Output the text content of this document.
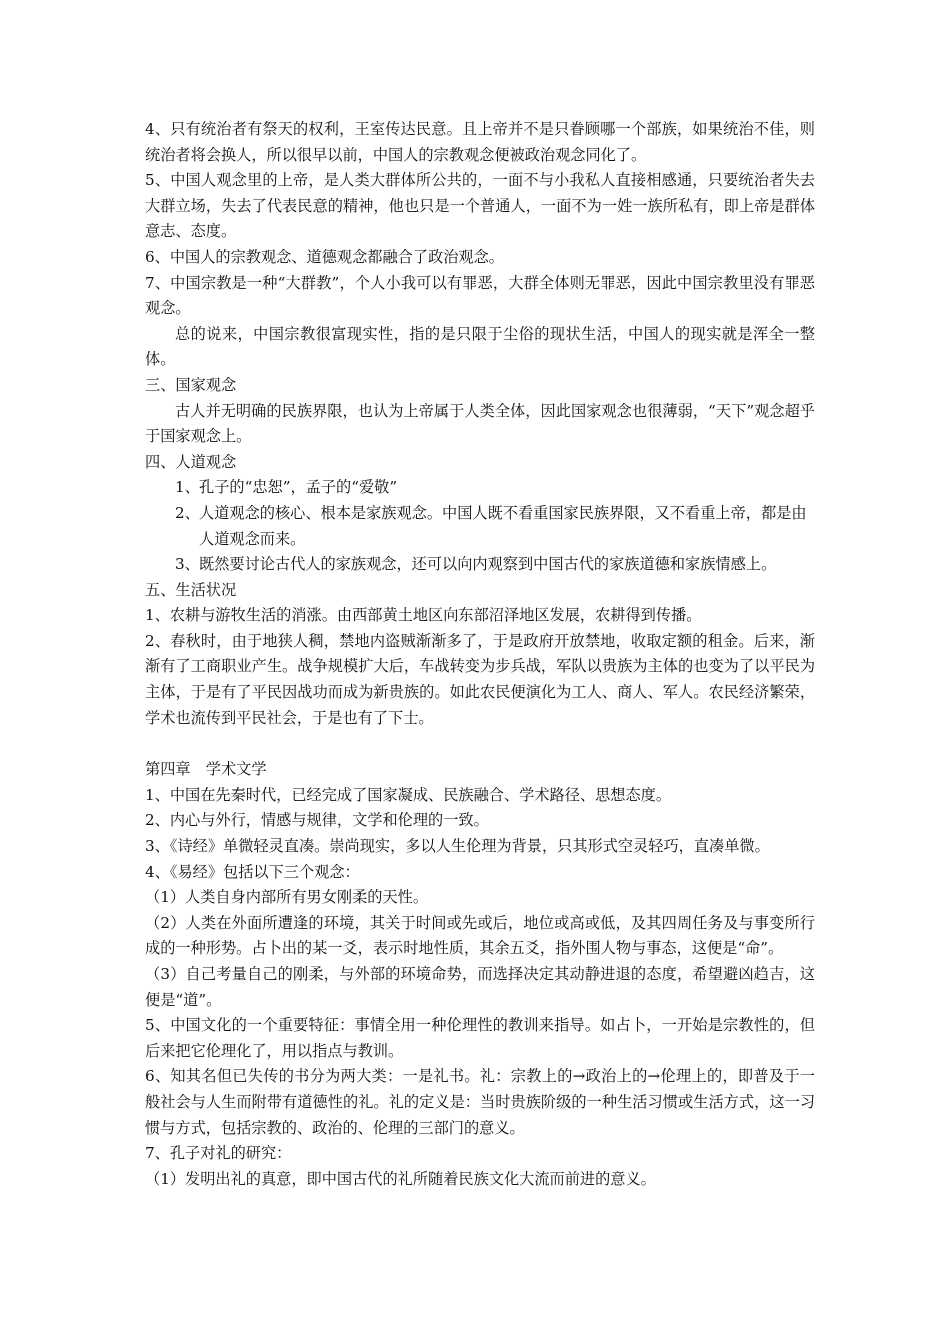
4、只有统治者有祭天的权利，王室传达民意。且上帝并不是只眷顾哪一个部族，如果统治不佳，则统治者将会换人，所以很早以前，中国人的宗教观念便被政治观念同化了。

5、中国人观念里的上帝，是人类大群体所公共的，一面不与小我私人直接相感通，只要统治者失去大群立场，失去了代表民意的精神，他也只是一个普通人，一面不为一姓一族所私有，即上帝是群体意志、态度。

6、中国人的宗教观念、道德观念都融合了政治观念。

7、中国宗教是一种“大群教”，个人小我可以有罪恶，大群全体则无罪恶，因此中国宗教里没有罪恶观念。

总的说来，中国宗教很富现实性，指的是只限于尘俗的现状生活，中国人的现实就是浑全一整体。

三、国家观念

古人并无明确的民族界限，也认为上帝属于人类全体，因此国家观念也很薄弱，“天下”观念超乎于国家观念上。

四、人道观念

1、 孔子的“忠恕”，孟子的“爱敬”
2、 人道观念的核心、根本是家族观念。中国人既不看重国家民族界限，又不看重上帝，都是由人道观念而来。
3、 既然要讨论古代人的家族观念，还可以向内观察到中国古代的家族道德和家族情感上。

五、生活状况

1、农耕与游牧生活的消涨。由西部黄土地区向东部沼泽地区发展，农耕得到传播。

2、春秋时，由于地狭人稠，禁地内盗贼渐渐多了，于是政府开放禁地，收取定额的租金。后来，渐渐有了工商职业产生。战争规模扩大后，车战转变为步兵战，军队以贵族为主体的也变为了以平民为主体，于是有了平民因战功而成为新贵族的。如此农民便演化为工人、商人、军人。农民经济繁荣，学术也流传到平民社会，于是也有了下士。

第四章　学术文学

1、中国在先秦时代，已经完成了国家凝成、民族融合、学术路径、思想态度。

2、内心与外行，情感与规律，文学和伦理的一致。

3、《诗经》单微轻灵直凑。崇尚现实，多以人生伦理为背景，只其形式空灵轻巧，直凑单微。

4、《易经》包括以下三个观念：

（1）人类自身内部所有男女刚柔的天性。

（2）人类在外面所遭逢的环境，其关于时间或先或后，地位或高或低，及其四周任务及与事变所行成的一种形势。占卜出的某一爻，表示时地性质，其余五爻，指外围人物与事态，这便是“命”。

（3）自己考量自己的刚柔，与外部的环境命势，而选择决定其动静进退的态度，希望避凶趋吉，这便是“道”。

5、中国文化的一个重要特征：事情全用一种伦理性的教训来指导。如占卜，一开始是宗教性的，但后来把它伦理化了，用以指点与教训。

6、知其名但已失传的书分为两大类：一是礼书。礼：宗教上的→政治上的→伦理上的，即普及于一般社会与人生而附带有道德性的礼。礼的定义是：当时贵族阶级的一种生活习惯或生活方式，这一习惯与方式，包括宗教的、政治的、伦理的三部门的意义。

7、孔子对礼的研究：

（1）发明出礼的真意，即中国古代的礼所随着民族文化大流而前进的意义。
